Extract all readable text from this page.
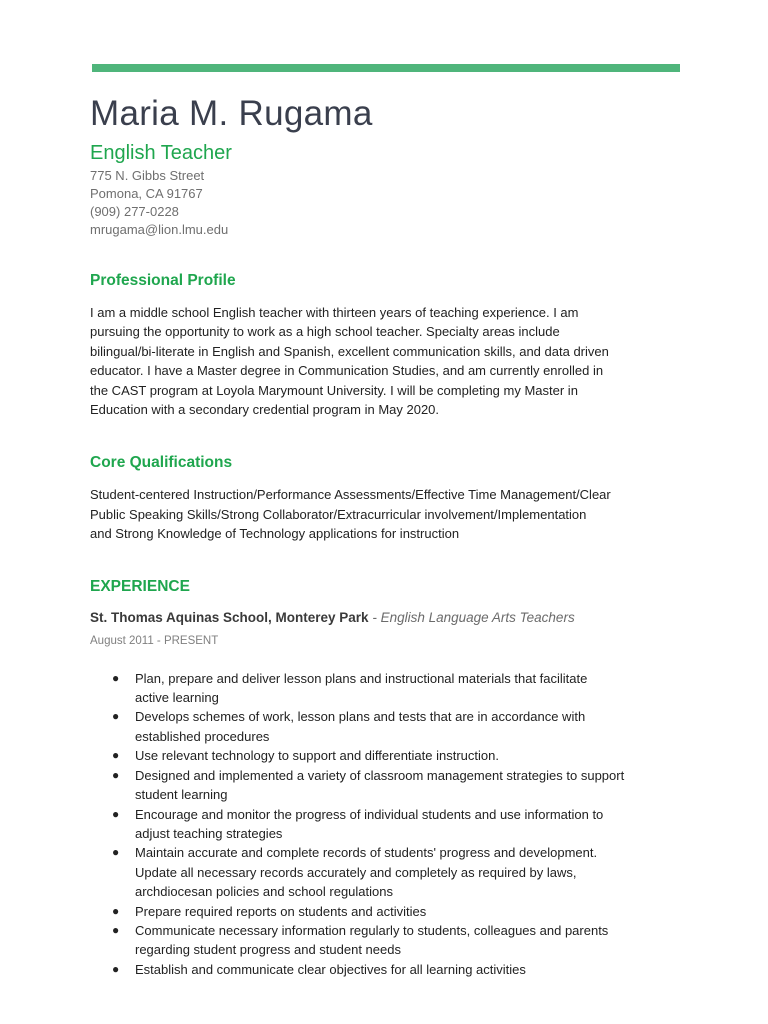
Maria M. Rugama
English Teacher
775 N. Gibbs Street
Pomona, CA 91767
(909) 277-0228
mrugama@lion.lmu.edu
Professional Profile
I am a middle school English teacher with thirteen years of teaching experience. I am
pursuing the opportunity to work as a high school teacher. Specialty areas include
bilingual/bi-literate in English and Spanish, excellent communication skills, and data driven
educator. I have a Master degree in Communication Studies, and am currently enrolled in
the CAST program at Loyola Marymount University. I will be completing my Master in
Education with a secondary credential program in May 2020.
Core Qualifications
Student-centered Instruction/Performance Assessments/Effective Time Management/Clear
Public Speaking Skills/Strong Collaborator/Extracurricular involvement/Implementation
and Strong Knowledge of Technology applications for instruction
EXPERIENCE
St. Thomas Aquinas School, Monterey Park - English Language Arts Teachers
August 2011 - PRESENT
● Plan, prepare and deliver lesson plans and instructional materials that facilitate
active learning
● Develops schemes of work, lesson plans and tests that are in accordance with
established procedures
● Use relevant technology to support and differentiate instruction.
● Designed and implemented a variety of classroom management strategies to support
student learning
● Encourage and monitor the progress of individual students and use information to
adjust teaching strategies
● Maintain accurate and complete records of students' progress and development.
Update all necessary records accurately and completely as required by laws,
archdiocesan policies and school regulations
● Prepare required reports on students and activities
● Communicate necessary information regularly to students, colleagues and parents
regarding student progress and student needs
● Establish and communicate clear objectives for all learning activities
